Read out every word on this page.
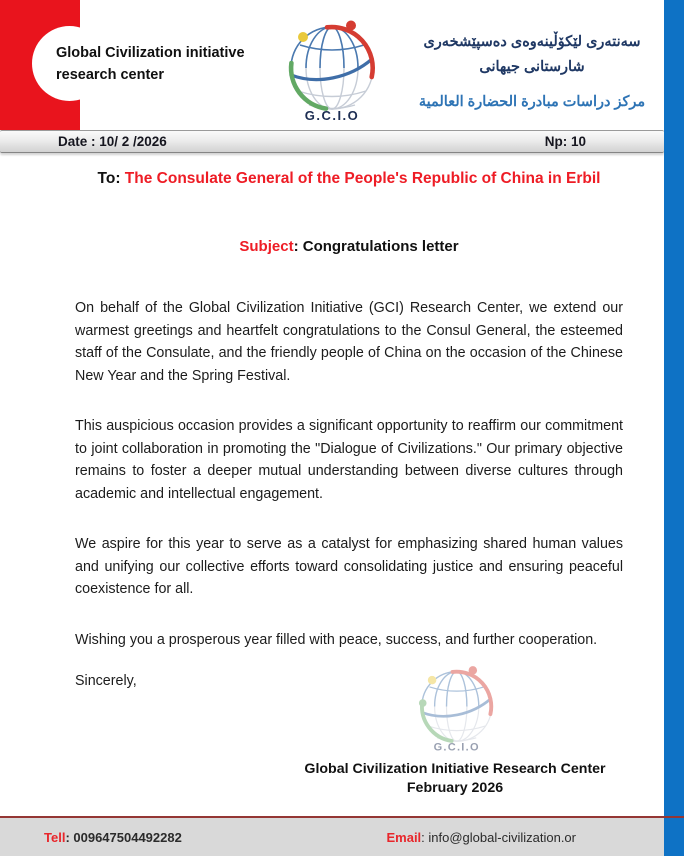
Global Civilization initiative research center
G.C.I.O
سەنتەری لێکۆڵینەوەی دەسپێشخەری
شارستانی جیهانی
مركز دراسات مبادرة الحضارة العالمية
Date : 10/ 2 /2026	Np: 10

To: The Consulate General of the People's Republic of China in Erbil

Subject: Congratulations letter

On behalf of the Global Civilization Initiative (GCI) Research Center, we extend our warmest greetings and heartfelt congratulations to the Consul General, the esteemed staff of the Consulate, and the friendly people of China on the occasion of the Chinese New Year and the Spring Festival.

This auspicious occasion provides a significant opportunity to reaffirm our commitment to joint collaboration in promoting the "Dialogue of Civilizations." Our primary objective remains to foster a deeper mutual understanding between diverse cultures through academic and intellectual engagement.

We aspire for this year to serve as a catalyst for emphasizing shared human values and unifying our collective efforts toward consolidating justice and ensuring peaceful coexistence for all.

Wishing you a prosperous year filled with peace, success, and further cooperation.

Sincerely,

G.C.I.O
Global Civilization Initiative Research Center
February 2026
Tell: 009647504492282	Email: info@global-civilization.or
